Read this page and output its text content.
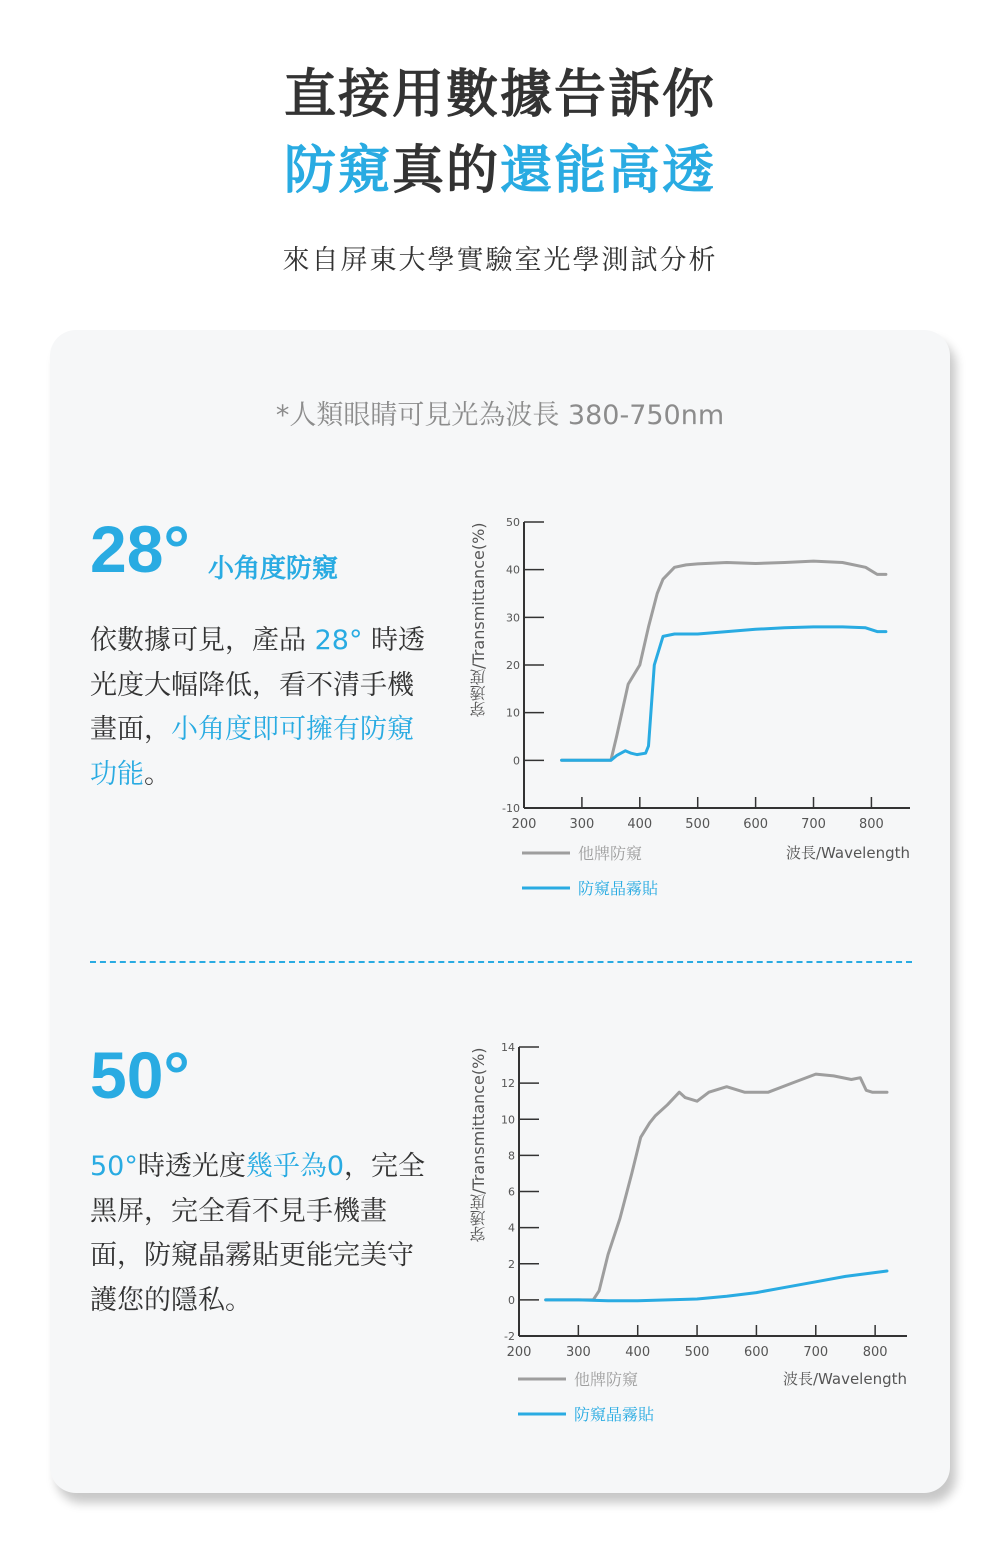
直接用數據告訴你
防窺真的還能高透
來自屏東大學實驗室光學測試分析
*人類眼睛可見光為波長 380-750nm
28° 小角度防窺
依數據可見，產品 28° 時透光度大幅降低，看不清手機畫面，小角度即可擁有防窺功能。
穿透度/Transmittance(%)
50
40
30
20
10
0
-10
200	300	400	500	600	700	800
波長/Wavelength
他牌防窺
防窺晶霧貼
50°
50°時透光度幾乎為0，完全黑屏，完全看不見手機畫面，防窺晶霧貼更能完美守護您的隱私。
穿透度/Transmittance(%)
14
12
10
8
6
4
2
0
-2
200	300	400	500	600	700	800
波長/Wavelength
他牌防窺
防窺晶霧貼
